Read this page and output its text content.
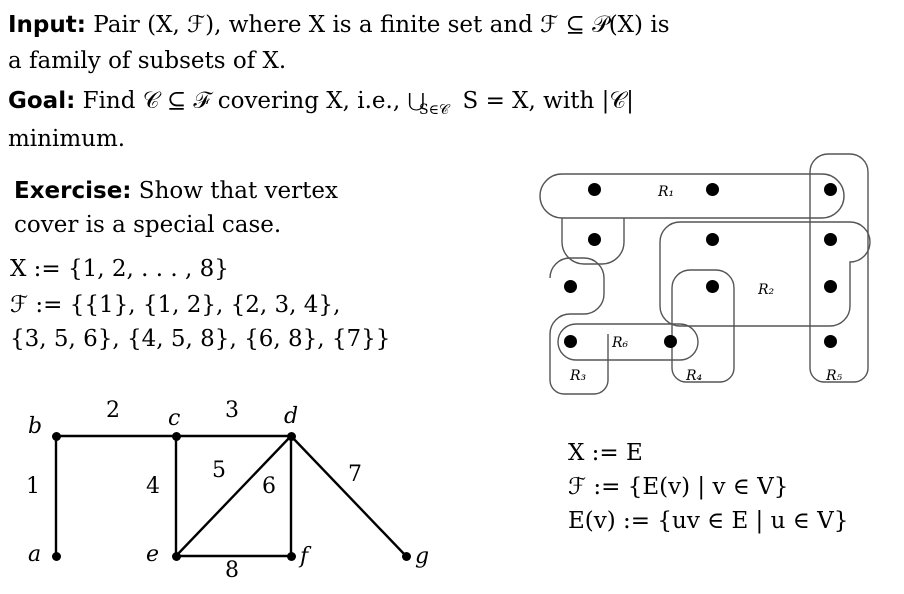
Input: Pair (X, ℱ), where X is a finite set and ℱ ⊆ 𝒫(X) is
a family of subsets of X.
Goal: Find 𝒞 ⊆ ℱ covering X, i.e., $⋃_{S\in 𝒞}$ S = X, with |𝒞|
minimum.
Exercise: Show that vertex
cover is a special case.
X := {1, 2, . . . , 8}
ℱ := {{1}, {1, 2}, {2, 3, 4},
{3, 5, 6}, {4, 5, 8}, {6, 8}, {7}}
X := E
ℱ := {E(v) | v ∈ V}
E(v) := {uv ∈ E | u ∈ V}
R₁
R₂
R₃	R₄	R₅
R₆
b	c	d
a	e	f	g
1
2	3
4
5
6	7
8
